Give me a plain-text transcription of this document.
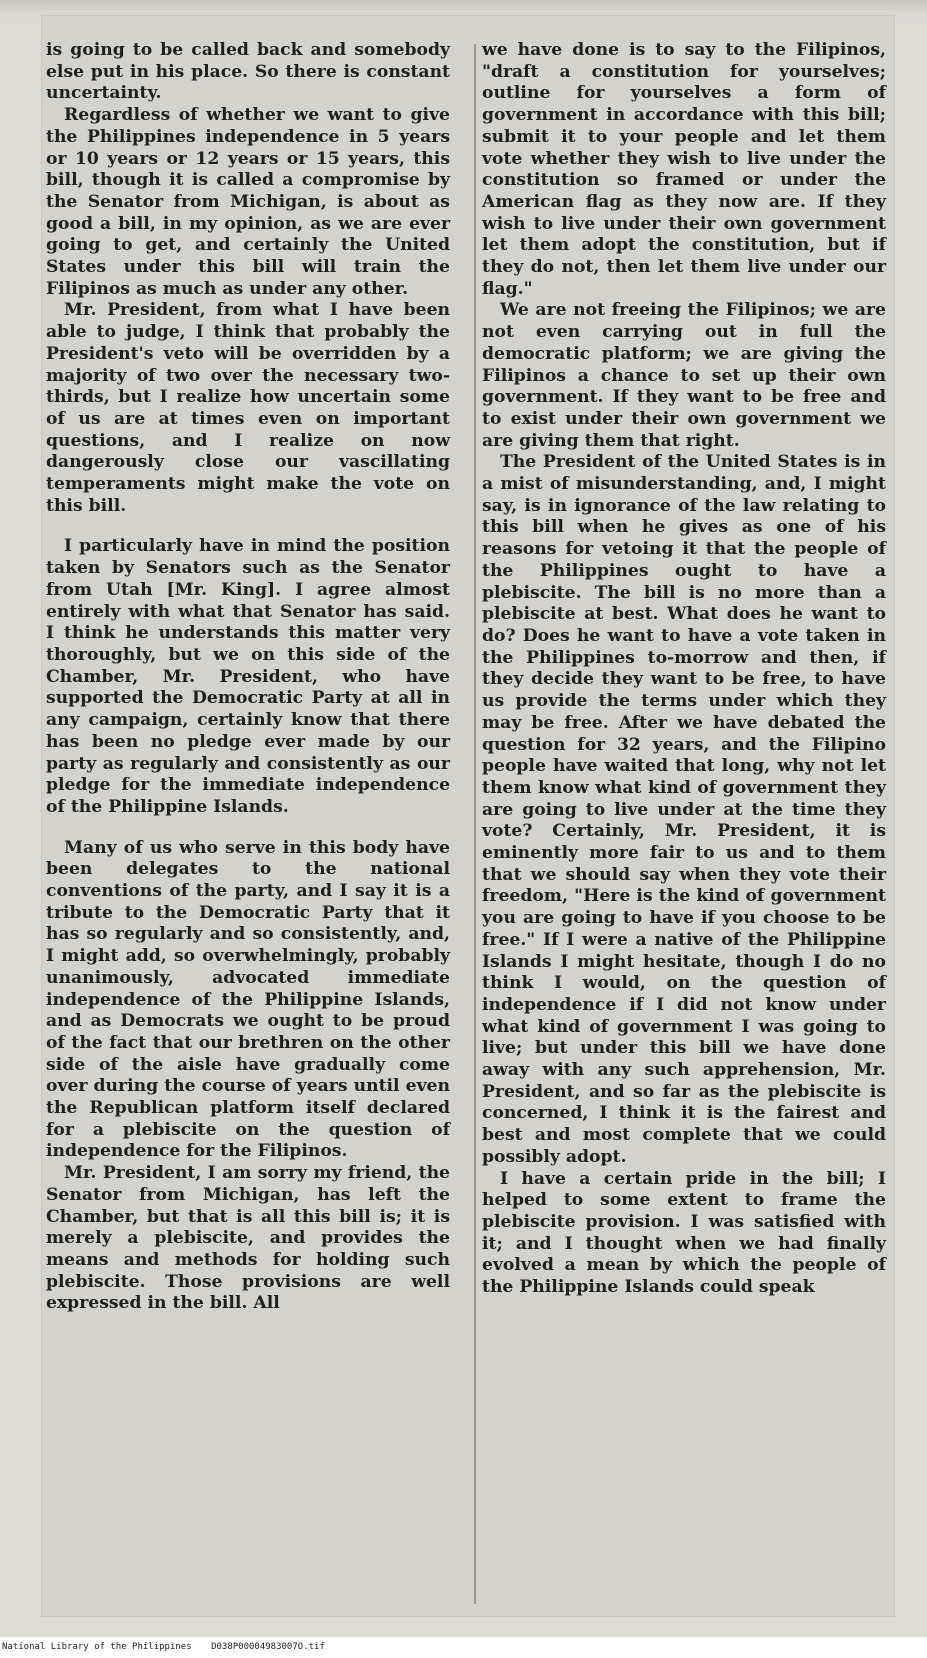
is going to be called back and somebody else put in his place. So there is constant uncertainty.

Regardless of whether we want to give the Philippines independence in 5 years or 10 years or 12 years or 15 years, this bill, though it is called a compromise by the Senator from Michigan, is about as good a bill, in my opinion, as we are ever going to get, and certainly the United States under this bill will train the Filipinos as much as under any other.

Mr. President, from what I have been able to judge, I think that probably the President's veto will be overridden by a majority of two over the necessary two-thirds, but I realize how uncertain some of us are at times even on important questions, and I realize on now dangerously close our vascillating temperaments might make the vote on this bill.

I particularly have in mind the position taken by Senators such as the Senator from Utah [Mr. King]. I agree almost entirely with what that Senator has said. I think he understands this matter very thoroughly, but we on this side of the Chamber, Mr. President, who have supported the Democratic Party at all in any campaign, certainly know that there has been no pledge ever made by our party as regularly and consistently as our pledge for the immediate independence of the Philippine Islands.

Many of us who serve in this body have been delegates to the national conventions of the party, and I say it is a tribute to the Democratic Party that it has so regularly and so consistently, and, I might add, so overwhelmingly, probably unanimously, advocated immediate independence of the Philippine Islands, and as Democrats we ought to be proud of the fact that our brethren on the other side of the aisle have gradually come over during the course of years until even the Republican platform itself declared for a plebiscite on the question of independence for the Filipinos.

Mr. President, I am sorry my friend, the Senator from Michigan, has left the Chamber, but that is all this bill is; it is merely a plebiscite, and provides the means and methods for holding such plebiscite. Those provisions are well expressed in the bill. All

we have done is to say to the Filipinos, "draft a constitution for yourselves; outline for yourselves a form of government in accordance with this bill; submit it to your people and let them vote whether they wish to live under the constitution so framed or under the American flag as they now are. If they wish to live under their own government let them adopt the constitution, but if they do not, then let them live under our flag."

We are not freeing the Filipinos; we are not even carrying out in full the democratic platform; we are giving the Filipinos a chance to set up their own government. If they want to be free and to exist under their own government we are giving them that right.

The President of the United States is in a mist of misunderstanding, and, I might say, is in ignorance of the law relating to this bill when he gives as one of his reasons for vetoing it that the people of the Philippines ought to have a plebiscite. The bill is no more than a plebiscite at best. What does he want to do? Does he want to have a vote taken in the Philippines to-morrow and then, if they decide they want to be free, to have us provide the terms under which they may be free. After we have debated the question for 32 years, and the Filipino people have waited that long, why not let them know what kind of government they are going to live under at the time they vote? Certainly, Mr. President, it is eminently more fair to us and to them that we should say when they vote their freedom, "Here is the kind of government you are going to have if you choose to be free." If I were a native of the Philippine Islands I might hesitate, though I do no think I would, on the question of independence if I did not know under what kind of government I was going to live; but under this bill we have done away with any such apprehension, Mr. President, and so far as the plebiscite is concerned, I think it is the fairest and best and most complete that we could possibly adopt.

I have a certain pride in the bill; I helped to some extent to frame the plebiscite provision. I was satisfied with it; and I thought when we had finally evolved a mean by which the people of the Philippine Islands could speak

National Library of the Philippines D038P00004983007O.tif
